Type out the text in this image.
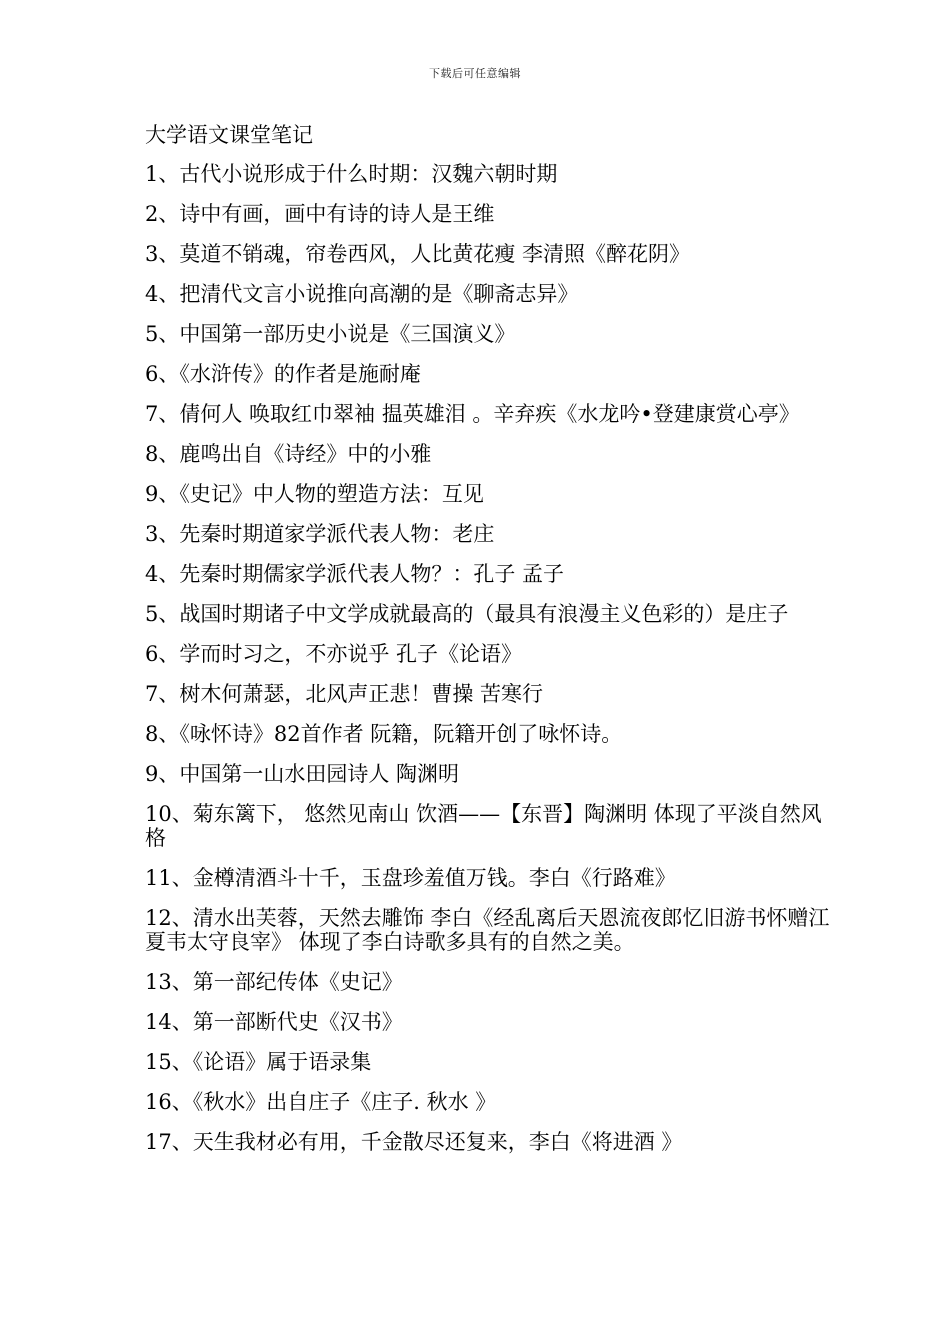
下载后可任意编辑
大学语文课堂笔记
1、古代小说形成于什么时期：汉魏六朝时期
2、诗中有画，画中有诗的诗人是王维
3、莫道不销魂，帘卷西风，人比黄花瘦 李清照《醉花阴》
4、把清代文言小说推向高潮的是《聊斋志异》
5、中国第一部历史小说是《三国演义》
6、《水浒传》的作者是施耐庵
7、倩何人 唤取红巾翠袖 揾英雄泪 。辛弃疾《水龙吟•登建康赏心亭》
8、鹿鸣出自《诗经》中的小雅
9、《史记》中人物的塑造方法：互见
3、先秦时期道家学派代表人物：老庄
4、先秦时期儒家学派代表人物？：孔子 孟子
5、战国时期诸子中文学成就最高的（最具有浪漫主义色彩的）是庄子
6、学而时习之，不亦说乎 孔子《论语》
7、树木何萧瑟，北风声正悲！曹操 苦寒行
8、《咏怀诗》82首作者 阮籍，阮籍开创了咏怀诗。
9、中国第一山水田园诗人 陶渊明
10、菊东篱下， 悠然见南山 饮酒——【东晋】陶渊明 体现了平淡自然风格
11、金樽清酒斗十千，玉盘珍羞值万钱。李白《行路难》
12、清水出芙蓉，天然去雕饰 李白《经乱离后天恩流夜郎忆旧游书怀赠江夏韦太守良宰》 体现了李白诗歌多具有的自然之美。
13、第一部纪传体《史记》
14、第一部断代史《汉书》
15、《论语》属于语录集
16、《秋水》出自庄子《庄子. 秋水 》
17、天生我材必有用，千金散尽还复来，李白《将进酒 》
